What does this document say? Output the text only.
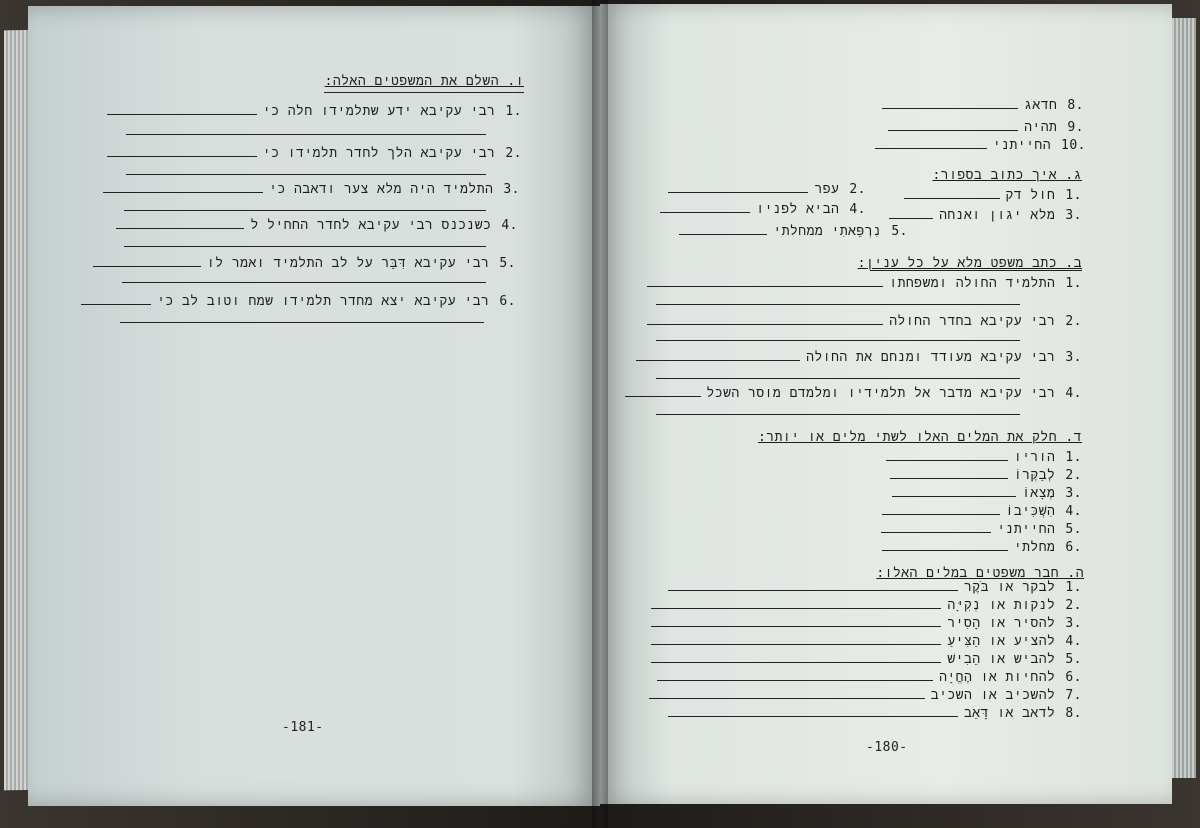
ו. השלם את המשפטים האלה:
.1רבי עקיבא ידע שתלמידו חלה כי
.2רבי עקיבא הלך לחדר תלמידו כי
.3התלמיד היה מלא צער ודאבה כי
.4כשנכנס רבי עקיבא לחדר החחיל ל
.5רבי עקיבא דִּבֵּר על לב התלמיד ואמר לו
.6רבי עקיבא יצא מחדר תלמידו שמח וטוב לב כי
-181-
.8חדאג
.9תהיה
.10החייתני
ג. איך כתוב בספור:
.1חול דק
.2עפר
.3מלא יגון ואנחה
.4הביא לפניו
.5נִרְפֵּאתִי ממחלתי
ב. כתב משפט מלא על כל ענין:
.1התלמיד החולה ומשפחתו
.2רבי עקיבא בחדר החולה
.3רבי עקיבא מעודד ומנחם את החולה
.4רבי עקיבא מדבר אל תלמידיו ומלמדם מוסר השכל
ד. חלק את המלים האלו לשתי מלים או יותר:
.1הוריו
.2לְבַקְּרוֹ
.3מְצָאוֹ
.4הִשְׁכִּיבוֹ
.5החייתני
.6מחלתי
ה. חבר משפטים במלים האלו:
.1לבקר או בֹּקֶר
.2לנקות או נְקִיָּה
.3להסיר או הָסִיר
.4להציע או הַצִּיעַ
.5להביש או הֵבִישׁ
.6להחיות או הֶחֱיָה
.7להשכיב או השכיב
.8לדאב או דָּאַב
-180-
